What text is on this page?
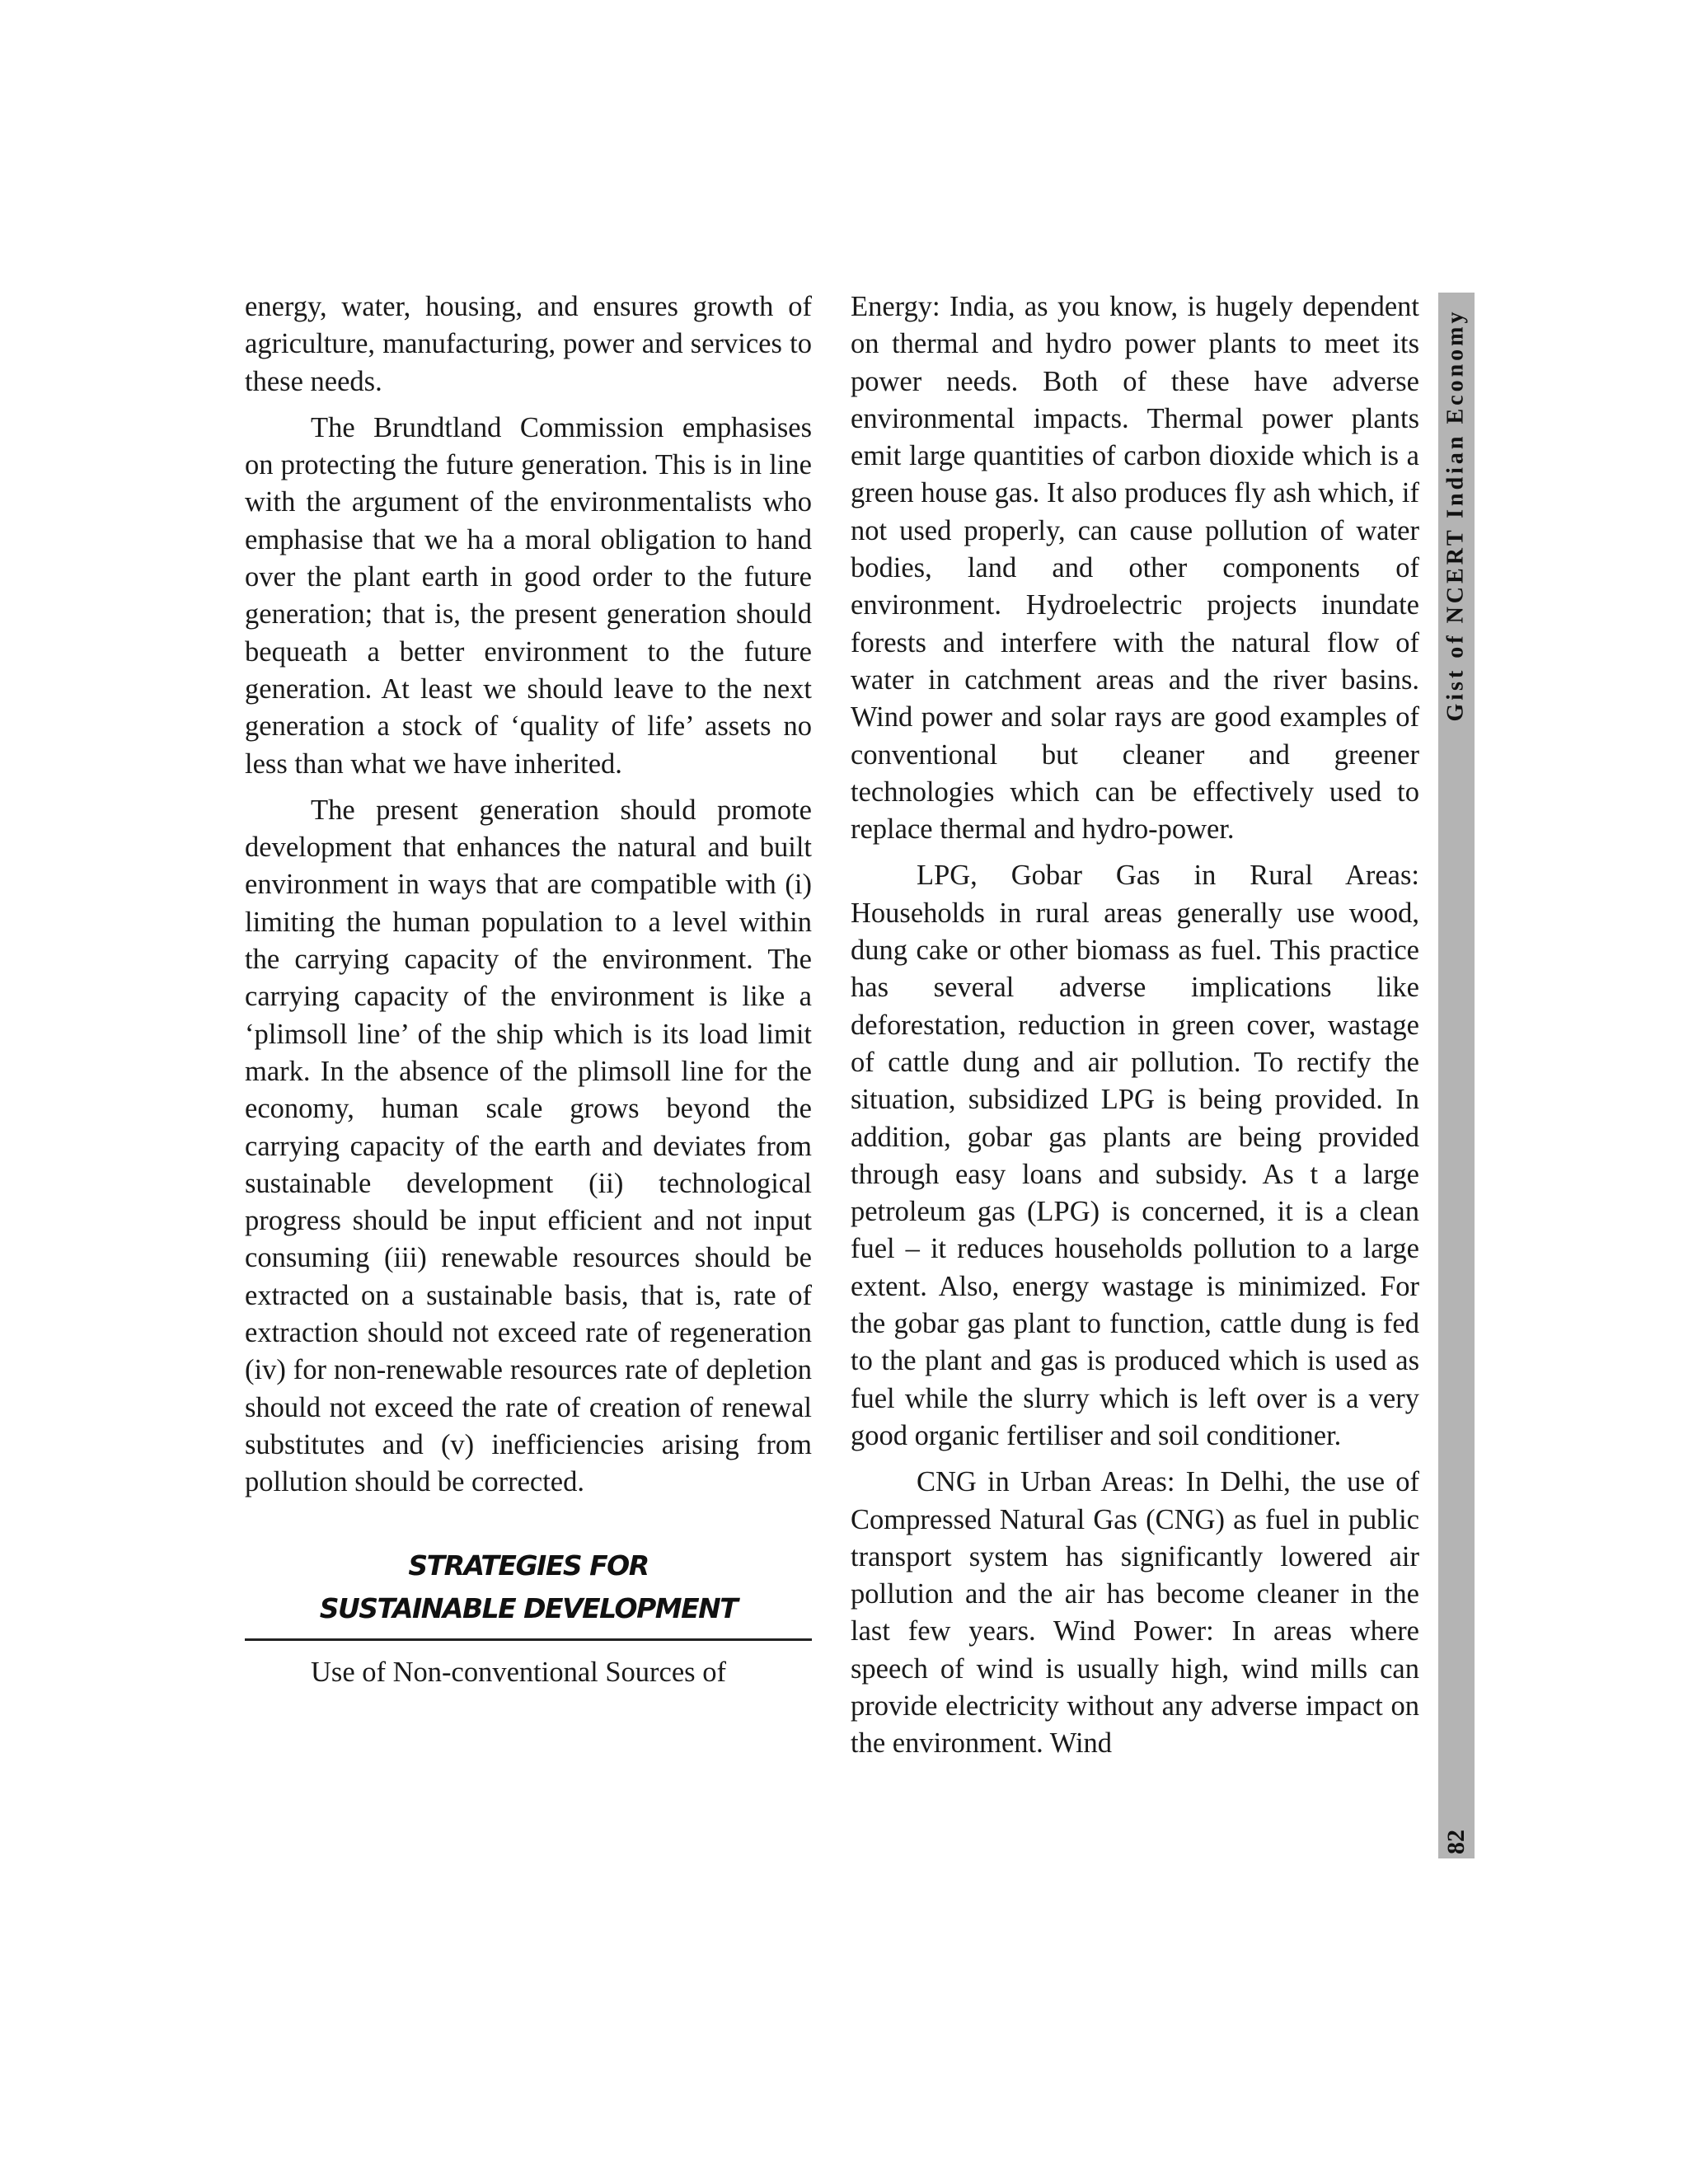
energy, water, housing, and ensures growth of agriculture, manufacturing, power and services to these needs.

The Brundtland Commission emphasises on protecting the future generation. This is in line with the argument of the environmentalists who emphasise that we ha a moral obligation to hand over the plant earth in good order to the future generation; that is, the present generation should bequeath a better environment to the future generation. At least we should leave to the next generation a stock of ‘quality of life’ assets no less than what we have inherited.

The present generation should promote development that enhances the natural and built environment in ways that are compatible with (i) limiting the human population to a level within the carrying capacity of the environment. The carrying capacity of the environment is like a ‘plimsoll line’ of the ship which is its load limit mark. In the absence of the plimsoll line for the economy, human scale grows beyond the carrying capacity of the earth and deviates from sustainable development (ii) technological progress should be input efficient and not input consuming (iii) renewable resources should be extracted on a sustainable basis, that is, rate of extraction should not exceed rate of regeneration (iv) for non-renewable resources rate of depletion should not exceed the rate of creation of renewal substitutes and (v) inefficiencies arising from pollution should be corrected.

STRATEGIES FOR
SUSTAINABLE DEVELOPMENT

Use of Non-conventional Sources of

Energy: India, as you know, is hugely dependent on thermal and hydro power plants to meet its power needs. Both of these have adverse environmental impacts. Thermal power plants emit large quantities of carbon dioxide which is a green house gas. It also produces fly ash which, if not used properly, can cause pollution of water bodies, land and other components of environment. Hydroelectric projects inundate forests and interfere with the natural flow of water in catchment areas and the river basins. Wind power and solar rays are good examples of conventional but cleaner and greener technologies which can be effectively used to replace thermal and hydro-power.

LPG, Gobar Gas in Rural Areas: Households in rural areas generally use wood, dung cake or other biomass as fuel. This practice has several adverse implications like deforestation, reduction in green cover, wastage of cattle dung and air pollution. To rectify the situation, subsidized LPG is being provided. In addition, gobar gas plants are being provided through easy loans and subsidy. As t a large petroleum gas (LPG) is concerned, it is a clean fuel – it reduces households pollution to a large extent. Also, energy wastage is minimized. For the gobar gas plant to function, cattle dung is fed to the plant and gas is produced which is used as fuel while the slurry which is left over is a very good organic fertiliser and soil conditioner.

CNG in Urban Areas: In Delhi, the use of Compressed Natural Gas (CNG) as fuel in public transport system has significantly lowered air pollution and the air has become cleaner in the last few years. Wind Power: In areas where speech of wind is usually high, wind mills can provide electricity without any adverse impact on the environment. Wind

Gist of NCERT Indian Economy
82
